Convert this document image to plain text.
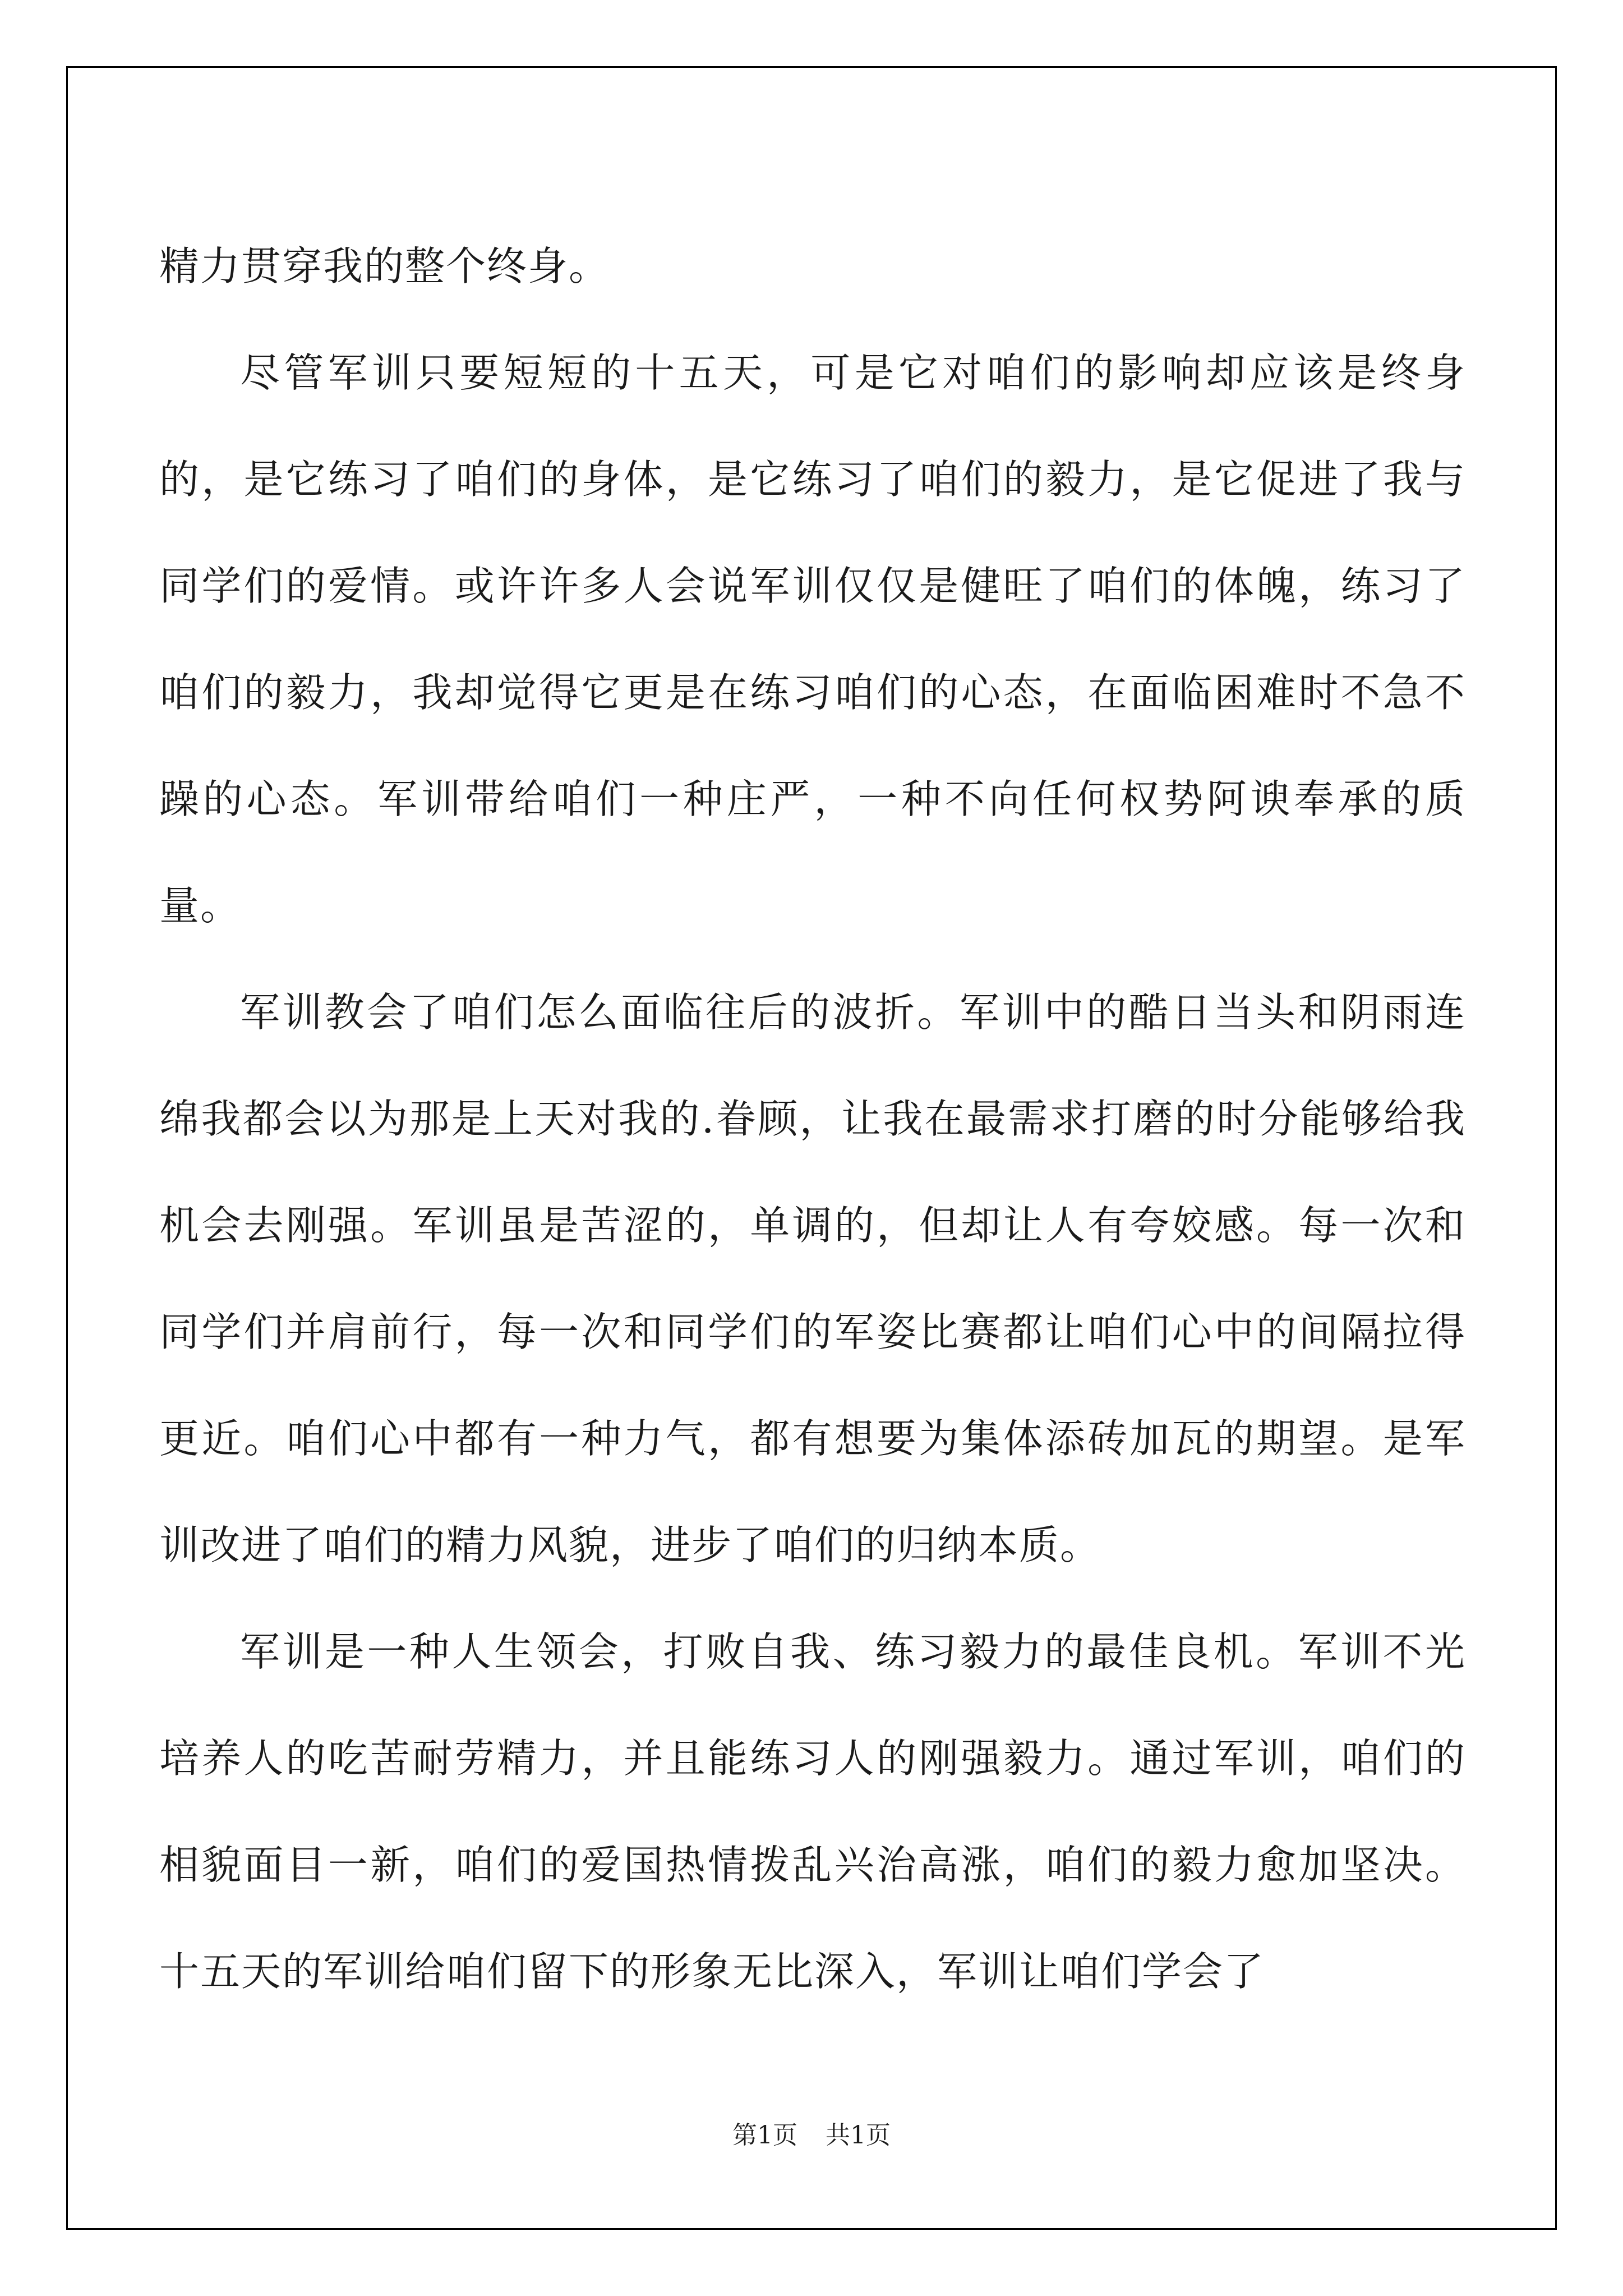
精力贯穿我的整个终身。

尽管军训只要短短的十五天，可是它对咱们的影响却应该是终身的，是它练习了咱们的身体，是它练习了咱们的毅力，是它促进了我与同学们的爱情。或许许多人会说军训仅仅是健旺了咱们的体魄，练习了咱们的毅力，我却觉得它更是在练习咱们的心态，在面临困难时不急不躁的心态。军训带给咱们一种庄严，一种不向任何权势阿谀奉承的质量。

军训教会了咱们怎么面临往后的波折。军训中的酷日当头和阴雨连绵我都会以为那是上天对我的.眷顾，让我在最需求打磨的时分能够给我机会去刚强。军训虽是苦涩的，单调的，但却让人有夸姣感。每一次和同学们并肩前行，每一次和同学们的军姿比赛都让咱们心中的间隔拉得更近。咱们心中都有一种力气，都有想要为集体添砖加瓦的期望。是军训改进了咱们的精力风貌，进步了咱们的归纳本质。

军训是一种人生领会，打败自我、练习毅力的最佳良机。军训不光培养人的吃苦耐劳精力，并且能练习人的刚强毅力。通过军训，咱们的相貌面目一新，咱们的爱国热情拨乱兴治高涨，咱们的毅力愈加坚决。十五天的军训给咱们留下的形象无比深入，军训让咱们学会了

第1页 共1页
